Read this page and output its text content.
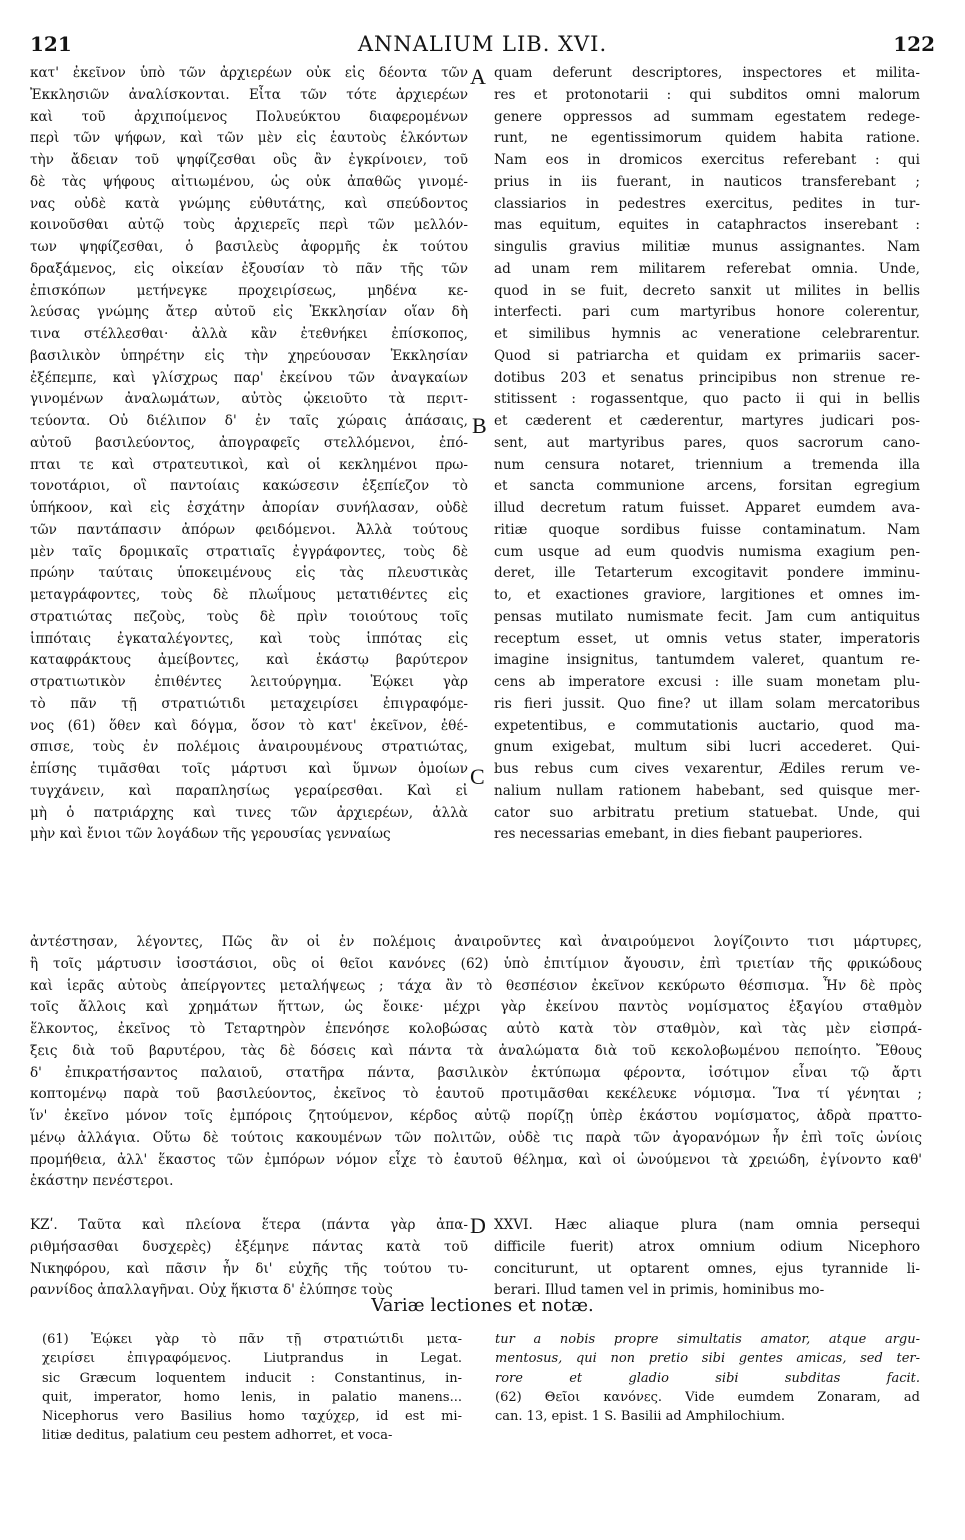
121	ANNALIUM LIB. XVI.	122
A
B
C
D
κατ' ἐκεῖνον ὑπὸ τῶν ἀρχιερέων οὐκ εἰς δέοντα τῶν
Ἐκκλησιῶν ἀναλίσκονται. Εἶτα τῶν τότε ἀρχιερέων
καὶ τοῦ ἀρχιποίμενος Πολυεύκτου διαφερομένων
περὶ τῶν ψήφων, καὶ τῶν μὲν εἰς ἑαυτοὺς ἑλκόντων
τὴν ἄδειαν τοῦ ψηφίζεσθαι οὓς ἂν ἐγκρίνοιεν, τοῦ
δὲ τὰς ψήφους αἰτιωμένου, ὡς οὐκ ἀπαθῶς γινομέ-
νας οὐδὲ κατὰ γνώμης εὐθυτάτης, καὶ σπεύδοντος
κοινοῦσθαι αὐτῷ τοὺς ἀρχιερεῖς περὶ τῶν μελλόν-
των ψηφίζεσθαι, ὁ βασιλεὺς ἀφορμῆς ἐκ τούτου
δραξάμενος, εἰς οἰκείαν ἐξουσίαν τὸ πᾶν τῆς τῶν
ἐπισκόπων μετήνεγκε προχειρίσεως, μηδένα κε-
λεύσας γνώμης ἄτερ αὐτοῦ εἰς Ἐκκλησίαν οἵαν δὴ
τινα στέλλεσθαι· ἀλλὰ κἂν ἐτεθνήκει ἐπίσκοπος,
βασιλικὸν ὑπηρέτην εἰς τὴν χηρεύουσαν Ἐκκλησίαν
ἐξέπεμπε, καὶ γλίσχρως παρ' ἐκείνου τῶν ἀναγκαίων
γινομένων ἀναλωμάτων, αὐτὸς ᾠκειοῦτο τὰ περιτ-
τεύοντα. Οὐ διέλιπον δ' ἐν ταῖς χώραις ἁπάσαις,
αὐτοῦ βασιλεύοντος, ἀπογραφεῖς στελλόμενοι, ἐπό-
πται τε καὶ στρατευτικοὶ, καὶ οἱ κεκλημένοι πρω-
τονοτάριοι, οἳ παντοίαις κακώσεσιν ἐξεπίεζον τὸ
ὑπήκοον, καὶ εἰς ἐσχάτην ἀπορίαν συνήλασαν, οὐδὲ
τῶν παντάπασιν ἀπόρων φειδόμενοι. Ἀλλὰ τούτους
μὲν ταῖς δρομικαῖς στρατιαῖς ἐγγράφοντες, τοὺς δὲ
πρώην ταύταις ὑποκειμένους εἰς τὰς πλευστικὰς
μεταγράφοντες, τοὺς δὲ πλωΐμους μετατιθέντες εἰς
στρατιώτας πεζοὺς, τοὺς δὲ πρὶν τοιούτους τοῖς
ἱππόταις ἐγκαταλέγοντες, καὶ τοὺς ἱππότας εἰς
καταφράκτους ἀμείβοντες, καὶ ἑκάστῳ βαρύτερον
στρατιωτικὸν ἐπιθέντες λειτούργημα. Ἐῴκει γὰρ
τὸ πᾶν τῇ στρατιώτιδι μεταχειρίσει ἐπιγραφόμε-
νος (61) ὅθεν καὶ δόγμα, ὅσον τὸ κατ' ἐκεῖνον, ἐθέ-
σπισε, τοὺς ἐν πολέμοις ἀναιρουμένους στρατιώτας,
ἐπίσης τιμᾶσθαι τοῖς μάρτυσι καὶ ὕμνων ὁμοίων
τυγχάνειν, καὶ παραπλησίως γεραίρεσθαι. Καὶ εἰ
μὴ ὁ πατριάρχης καὶ τινες τῶν ἀρχιερέων, ἀλλὰ
μὴν καὶ ἔνιοι τῶν λογάδων τῆς γερουσίας γενναίως
quam deferunt descriptores, inspectores et milita-
res et protonotarii : qui subditos omni malorum
genere oppressos ad summam egestatem redege-
runt, ne egentissimorum quidem habita ratione.
Nam eos in dromicos exercitus referebant : qui
prius in iis fuerant, in nauticos transferebant ;
classiarios in pedestres exercitus, pedites in tur-
mas equitum, equites in cataphractos inserebant :
singulis gravius militiæ munus assignantes. Nam
ad unam rem militarem referebat omnia. Unde,
quod in se fuit, decreto sanxit ut milites in bellis
interfecti. pari cum martyribus honore colerentur,
et similibus hymnis ac veneratione celebrarentur.
Quod si patriarcha et quidam ex primariis sacer-
dotibus 203 et senatus principibus non strenue re-
stitissent : rogassentque, quo pacto ii qui in bellis
et cæderent et cæderentur, martyres judicari pos-
sent, aut martyribus pares, quos sacrorum cano-
num censura notaret, triennium a tremenda illa
et sancta communione arcens, forsitan egregium
illud decretum ratum fuisset. Apparet eumdem ava-
ritiæ quoque sordibus fuisse contaminatum. Nam
cum usque ad eum quodvis numisma exagium pen-
deret, ille Tetarterum excogitavit pondere imminu-
to, et exactiones graviore, largitiones et omnes im-
pensas mutilato numismate fecit. Jam cum antiquitus
receptum esset, ut omnis vetus stater, imperatoris
imagine insignitus, tantumdem valeret, quantum re-
cens ab imperatore excusi : ille suam monetam plu-
ris fieri jussit. Quo fine? ut illam solam mercatoribus
expetentibus, e commutationis auctario, quod ma-
gnum exigebat, multum sibi lucri accederet. Qui-
bus rebus cum cives vexarentur, Ædiles rerum ve-
nalium nullam rationem habebant, sed quisque mer-
cator suo arbitratu pretium statuebat. Unde, qui
res necessarias emebant, in dies fiebant pauperiores.
ἀντέστησαν, λέγοντες, Πῶς ἂν οἱ ἐν πολέμοις ἀναιροῦντες καὶ ἀναιρούμενοι λογίζοιντο τισι μάρτυρες,
ἢ τοῖς μάρτυσιν ἰσοστάσιοι, οὓς οἱ θεῖοι κανόνες (62) ὑπὸ ἐπιτίμιον ἄγουσιν, ἐπὶ τριετίαν τῆς φρικώδους
καὶ ἱερᾶς αὐτοὺς ἀπείργοντες μεταλήψεως ; τάχα ἂν τὸ θεσπέσιον ἐκεῖνον κεκύρωτο θέσπισμα. Ἦν δὲ πρὸς
τοῖς ἄλλοις καὶ χρημάτων ἥττων, ὡς ἔοικε· μέχρι γὰρ ἐκείνου παντὸς νομίσματος ἐξαγίου σταθμὸν
ἕλκοντος, ἐκεῖνος τὸ Τεταρτηρὸν ἐπενόησε κολοβώσας αὐτὸ κατὰ τὸν σταθμὸν, καὶ τὰς μὲν εἰσπρά-
ξεις διὰ τοῦ βαρυτέρου, τὰς δὲ δόσεις καὶ πάντα τὰ ἀναλώματα διὰ τοῦ κεκολοβωμένου πεποίητο. Ἔθους
δ' ἐπικρατήσαντος παλαιοῦ, στατῆρα πάντα, βασιλικὸν ἐκτύπωμα φέροντα, ἰσότιμον εἶναι τῷ ἄρτι
κοπτομένῳ παρὰ τοῦ βασιλεύοντος, ἐκεῖνος τὸ ἑαυτοῦ προτιμᾶσθαι κεκέλευκε νόμισμα. Ἵνα τί γένηται ;
ἵν' ἐκεῖνο μόνον τοῖς ἐμπόροις ζητούμενον, κέρδος αὐτῷ πορίζῃ ὑπὲρ ἑκάστου νομίσματος, ἀδρὰ πραττο-
μένῳ ἀλλάγια. Οὕτω δὲ τούτοις κακουμένων τῶν πολιτῶν, οὐδὲ τις παρὰ τῶν ἀγορανόμων ἦν ἐπὶ τοῖς ὠνίοις
προμήθεια, ἀλλ' ἕκαστος τῶν ἐμπόρων νόμον εἶχε τὸ ἑαυτοῦ θέλημα, καὶ οἱ ὠνούμενοι τὰ χρειώδη, ἐγίνοντο καθ'
ἑκάστην πενέστεροι.
ΚΖʹ. Ταῦτα καὶ πλείονα ἕτερα (πάντα γὰρ ἀπα-
ριθμήσασθαι δυσχερὲς) ἐξέμηνε πάντας κατὰ τοῦ
Νικηφόρου, καὶ πᾶσιν ἦν δι' εὐχῆς τῆς τούτου τυ-
ραννίδος ἀπαλλαγῆναι. Οὐχ ἥκιστα δ' ἐλύπησε τοὺς
XXVI. Hæc aliaque plura (nam omnia persequi
difficile fuerit) atrox omnium odium Nicephoro
conciturunt, ut optarent omnes, ejus tyrannide li-
berari. Illud tamen vel in primis, hominibus mo-
Variæ lectiones et notæ.
(61) Ἐῴκει γὰρ τὸ πᾶν τῇ στρατιώτιδι μετα-
χειρίσει ἐπιγραφόμενος. Liutprandus in Legat.
sic Græcum loquentem inducit : Constantinus, in-
quit, imperator, homo lenis, in palatio manens...
Nicephorus vero Basilius homo ταχύχερ, id est mi-
litiæ deditus, palatium ceu pestem adhorret, et voca-
tur a nobis propre simultatis amator, atque argu-
mentosus, qui non pretio sibi gentes amicas, sed ter-
rore et gladio sibi subditas facit.
(62) Θεῖοι κανόνες. Vide eumdem Zonaram, ad
can. 13, epist. 1 S. Basilii ad Amphilochium.
